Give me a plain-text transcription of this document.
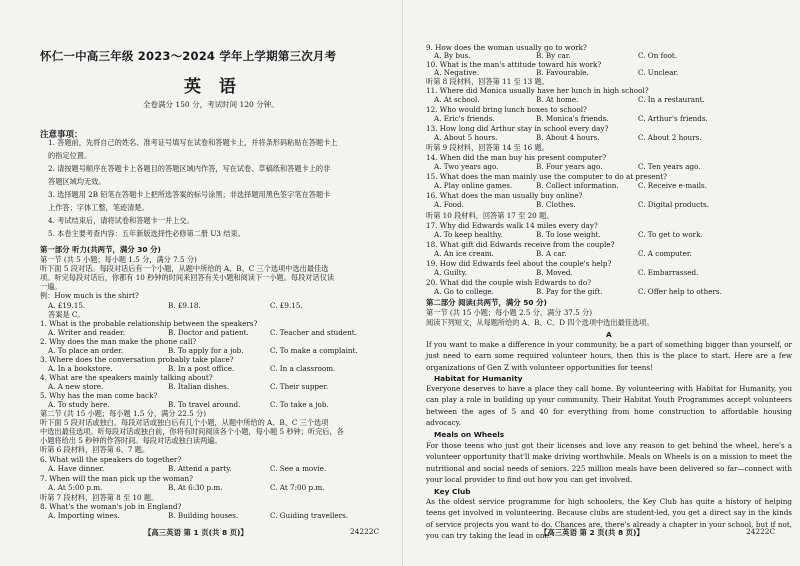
怀仁一中高三年级 2023～2024 学年上学期第三次月考
英 语
全卷满分 150 分，考试时间 120 分钟。
注意事项：
1. 答题前，先将自己的姓名、准考证号填写在试卷和答题卡上，并将条形码粘贴在答题卡上
的指定位置。
2. 请按题号顺序在答题卡上各题目的答题区域内作答，写在试卷、草稿纸和答题卡上的非
答题区域均无效。
3. 选择题用 2B 铅笔在答题卡上把所选答案的标号涂黑；非选择题用黑色签字笔在答题卡
上作答；字体工整，笔迹清楚。
4. 考试结束后，请将试卷和答题卡一并上交。
5. 本卷主要考查内容：五年新版选择性必修第二册 U3 结束。
第一部分 听力(共两节，满分 30 分)
第一节 (共 5 小题；每小题 1.5 分，满分 7.5 分)
听下面 5 段对话。每段对话后有一个小题，从题中所给的 A、B、C 三个选项中选出最佳选
项。听完每段对话后，你都有 10 秒钟的时间来回答有关小题和阅读下一小题。每段对话仅读
一遍。
例：How much is the shirt?
A. £19.15.	B. £9.18.	C. £9.15.
答案是 C。
1. What is the probable relationship between the speakers?
A. Writer and reader.	B. Doctor and patient.	C. Teacher and student.
2. Why does the man make the phone call?
A. To place an order.	B. To apply for a job.	C. To make a complaint.
3. Where does the conversation probably take place?
A. In a bookstore.	B. In a post office.	C. In a classroom.
4. What are the speakers mainly talking about?
A. A new store.	B. Italian dishes.	C. Their supper.
5. Why has the man come back?
A. To study here.	B. To travel around.	C. To take a job.
第二节 (共 15 小题；每小题 1.5 分，满分 22.5 分)
听下面 5 段对话或独白。每段对话或独白后有几个小题，从题中所给的 A、B、C 三个选项
中选出最佳选项。听每段对话或独白前，你将有时间阅读各个小题，每小题 5 秒钟；听完后，各
小题将给出 5 秒钟的作答时间。每段对话或独白读两遍。
听第 6 段材料，回答第 6、7 题。
6. What will the speakers do together?
A. Have dinner.	B. Attend a party.	C. See a movie.
7. When will the man pick up the woman?
A. At 5:00 p.m.	B. At 6:30 p.m.	C. At 7:00 p.m.
听第 7 段材料，回答第 8 至 10 题。
8. What's the woman's job in England?
A. Importing wines.	B. Building houses.	C. Guiding travellers.
【高三英语 第 1 页(共 8 页)】	24222C
9. How does the woman usually go to work?
A. By bus.	B. By car.	C. On foot.
10. What is the man's attitude toward his work?
A. Negative.	B. Favourable.	C. Unclear.
听第 8 段材料，回答第 11 至 13 题。
11. Where did Monica usually have her lunch in high school?
A. At school.	B. At home.	C. In a restaurant.
12. Who would bring lunch boxes to school?
A. Eric's friends.	B. Monica's friends.	C. Arthur's friends.
13. How long did Arthur stay in school every day?
A. About 5 hours.	B. About 4 hours.	C. About 2 hours.
听第 9 段材料，回答第 14 至 16 题。
14. When did the man buy his present computer?
A. Two years ago.	B. Four years ago.	C. Ten years ago.
15. What does the man mainly use the computer to do at present?
A. Play online games.	B. Collect information.	C. Receive e-mails.
16. What does the man usually buy online?
A. Food.	B. Clothes.	C. Digital products.
听第 10 段材料，回答第 17 至 20 题。
17. Why did Edwards walk 14 miles every day?
A. To keep healthy.	B. To lose weight.	C. To get to work.
18. What gift did Edwards receive from the couple?
A. An ice cream.	B. A car.	C. A computer.
19. How did Edwards feel about the couple's help?
A. Guilty.	B. Moved.	C. Embarrassed.
20. What did the couple wish Edwards to do?
A. Go to college.	B. Pay for the gift.	C. Offer help to others.
第二部分 阅读(共两节，满分 50 分)
第一节 (共 15 小题；每小题 2.5 分，满分 37.5 分)
阅读下列短文，从每题所给的 A、B、C、D 四个选项中选出最佳选项。
A
If you want to make a difference in your community, be a part of something bigger than yourself, or just need to earn some required volunteer hours, then this is the place to start. Here are a few organizations of Gen Z with volunteer opportunities for teens!
Habitat for Humanity
Everyone deserves to have a place they call home. By volunteering with Habitat for Humanity, you can play a role in building up your community. Their Habitat Youth Programmes accept volunteers between the ages of 5 and 40 for everything from home construction to affordable housing advocacy.
Meals on Wheels
For those teens who just got their licenses and love any reason to get behind the wheel, here's a volunteer opportunity that'll make driving worthwhile. Meals on Wheels is on a mission to meet the nutritional and social needs of seniors. 225 million meals have been delivered so far—connect with your local provider to find out how you can get involved.
Key Club
As the oldest service programme for high schoolers, the Key Club has quite a history of helping teens get involved in volunteering. Because clubs are student-led, you get a direct say in the kinds of service projects you want to do. Chances are, there's already a chapter in your school, but if not, you can try taking the lead in one.
【高三英语 第 2 页(共 8 页)】	24222C
